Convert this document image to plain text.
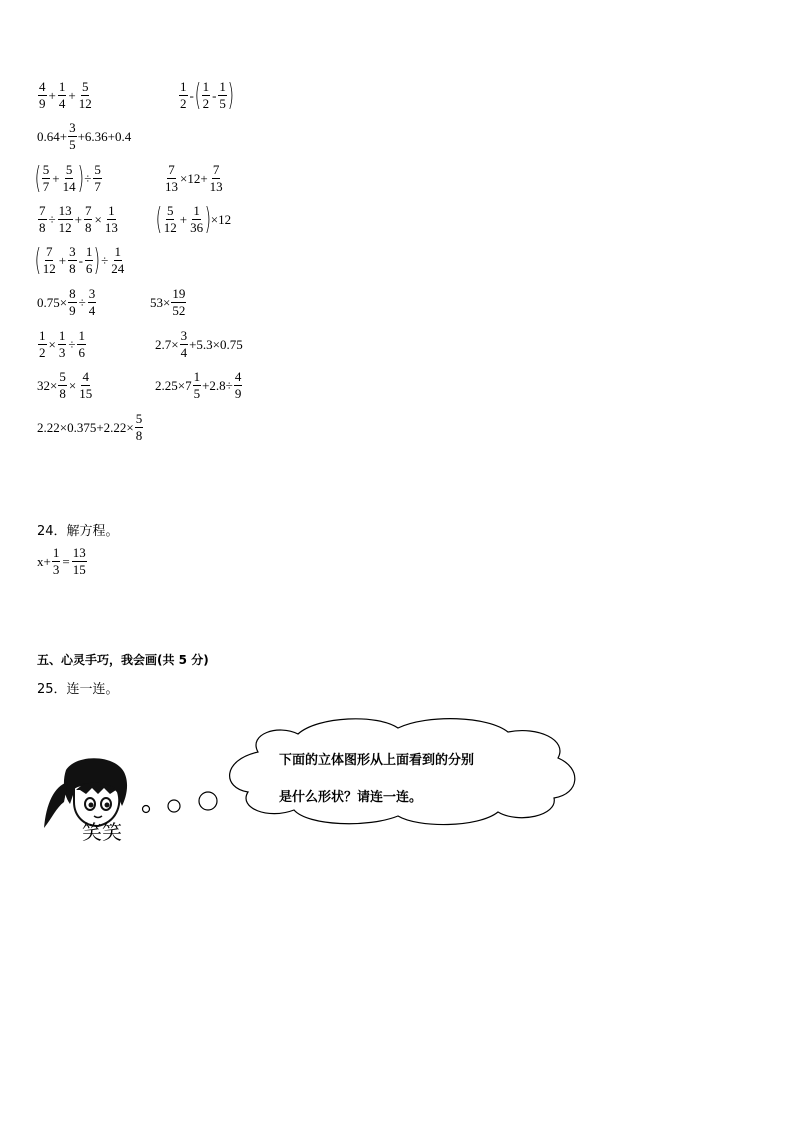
$\frac{4}{9} + \frac{1}{4} + \frac{5}{12}$	$\frac{1}{2}$ - ( $\frac{1}{2} - \frac{1}{5}$ )
$0.64+ \frac{3}{5} +6.36+0.4$
( $\frac{5}{7} + \frac{5}{14}$ ) ÷ $\frac{5}{7}$	$\frac{7}{13} \times 12+ \frac{7}{13}$
$\frac{7}{8} \div \frac{13}{12} + \frac{7}{8} \times \frac{1}{13}$ ( $\frac{5}{12} + \frac{1}{36}$ ) ×12
( $\frac{7}{12} + \frac{3}{8} - \frac{1}{6}$ ) ÷ $\frac{1}{24}$
$0.75\times \frac{8}{9} \div \frac{3}{4}$	$53\times \frac{19}{52}$
$\frac{1}{2} \times \frac{1}{3} \div \frac{1}{6}$	$2.7\times \frac{3}{4} +5.3\times 0.75$
$32\times \frac{5}{8} \times \frac{4}{15}$	$2.25\times 7 \frac{1}{5} +2.8\div \frac{4}{9}$
$2.22\times 0.375+2.22\times \frac{5}{8}$
24．解方程。
$x+ \frac{1}{3} = \frac{13}{15}$
五、心灵手巧，我会画(共 5 分)
25．连一连。
笑笑
下面的立体图形从上面看到的分别
是什么形状？请连一连。
